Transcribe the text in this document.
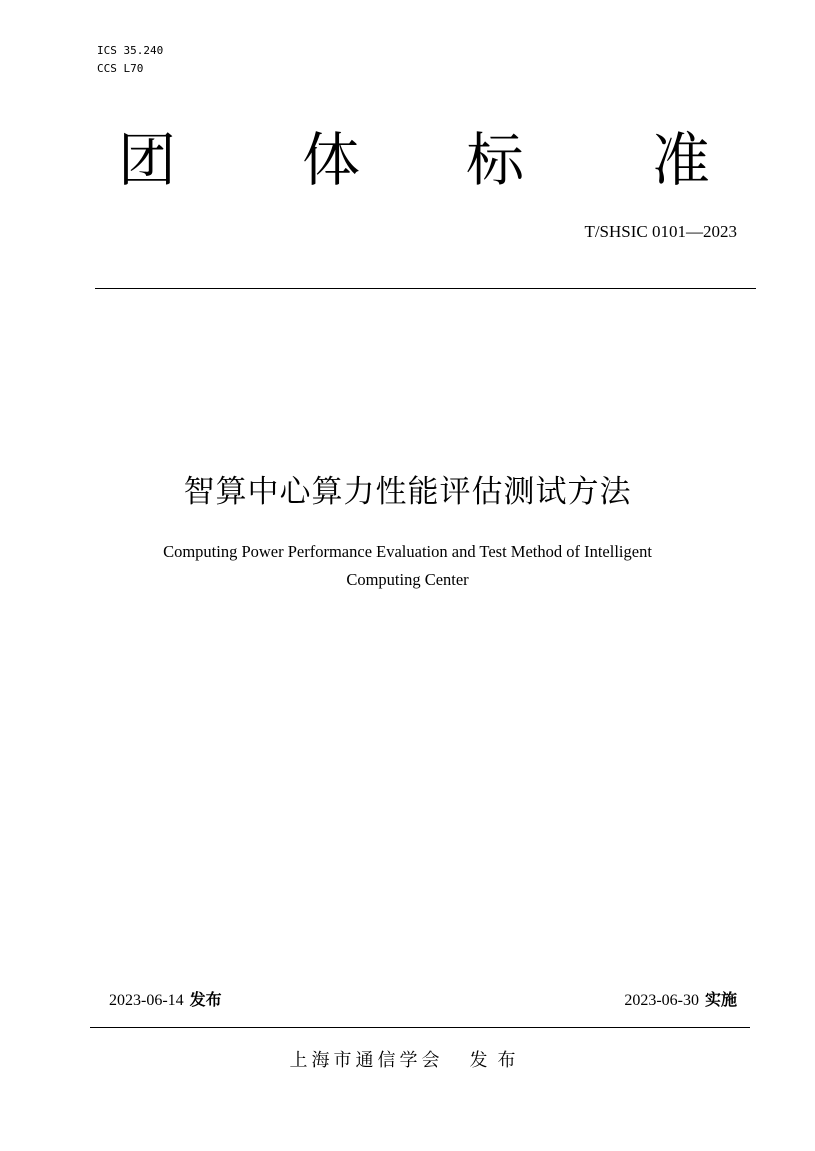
ICS 35.240
CCS L70
团 体 标 准
T/SHSIC 0101—2023
智算中心算力性能评估测试方法
Computing Power Performance Evaluation and Test Method of Intelligent
Computing Center
2023-06-14 发布	2023-06-30 实施
上海市通信学会 发布
